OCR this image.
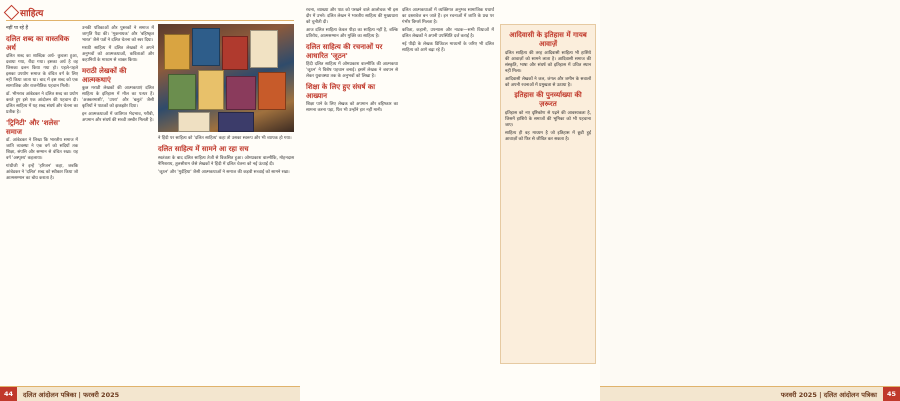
साहित्य

नहीं पा रहे हैं

दलित शब्द का वास्तविक अर्थ

दलित शब्द का शाब्दिक अर्थ- कुचला हुआ, दबाया गया, रौंदा गया। इसका अर्थ है वह जिसका दलन किया गया हो। पहले-पहले इसका उपयोग समाज के वंचित वर्ग के लिए नहीं किया जाता था। बाद में इस शब्द को एक सामाजिक और राजनीतिक पहचान मिली।

डॉ. भीमराव आंबेडकर ने दलित शब्द का प्रयोग करते हुए इसे एक आंदोलन की पहचान दी। दलित साहित्य में यह शब्द संघर्ष और चेतना का प्रतीक है।

'ट्रिनिटी' और 'शलेस' समाज

डॉ. आंबेडकर ने लिखा कि भारतीय समाज में जाति व्यवस्था ने एक वर्ग को सदियों तक शिक्षा, संपत्ति और सम्मान से वंचित रखा। यह वर्ग 'अस्पृश्य' कहलाया।

गांधीजी ने इन्हें 'हरिजन' कहा, जबकि आंबेडकर ने 'दलित' शब्द को स्वीकार किया जो आत्मसम्मान का बोध कराता है।

उनकी पत्रिकाओं और पुस्तकों ने समाज में जागृति पैदा की। 'मूकनायक' और 'बहिष्कृत भारत' जैसे पत्रों ने दलित चेतना को स्वर दिया।

मराठी साहित्य में दलित लेखकों ने अपने अनुभवों को आत्मकथाओं, कविताओं और कहानियों के माध्यम से व्यक्त किया।

मराठी लेखकों की आत्मकथाएं

कुछ मराठी लेखकों की आत्मकथाएं दलित साहित्य के इतिहास में मील का पत्थर हैं। 'अक्करमाशी', 'उपरा' और 'बलुतं' जैसी कृतियों ने पाठकों को झकझोर दिया।

इन आत्मकथाओं में जातिगत भेदभाव, गरीबी, अपमान और संघर्ष की सच्ची तस्वीर मिलती है।

ने हिंदी पर साहित्य को 'दलित साहित्य' कहा तो उसका स्वरूप और भी व्यापक हो गया।

दलित साहित्य में सामने आ रहा सच

स्वतंत्रता के बाद दलित साहित्य तेजी से विकसित हुआ। ओमप्रकाश वाल्मीकि, मोहनदास नैमिशराय, तुलसीराम जैसे लेखकों ने हिंदी में दलित चेतना को नई ऊंचाई दी।

'जूठन' और 'मुर्दहिया' जैसी आत्मकथाओं ने समाज की कड़वी सच्चाई को सामने रखा।

44	दलित आंदोलन पत्रिका | फरवरी 2025

रचना, व्याख्या और पाठ को परखने वाले आलोचक भी इस दौर में उभरे। दलित लेखन ने भारतीय साहित्य की मुख्यधारा को चुनौती दी।

आज दलित साहित्य केवल पीड़ा का साहित्य नहीं है, बल्कि प्रतिरोध, आत्मसम्मान और मुक्ति का साहित्य है।

दलित साहित्य की रचनाओं पर आधारित 'जूठन'

हिंदी दलित साहित्य में ओमप्रकाश वाल्मीकि की आत्मकथा 'जूठन' ने विशेष पहचान बनाई। इसमें लेखक ने बचपन से लेकर युवावस्था तक के अनुभवों को लिखा है।

शिक्षा के लिए हुए संघर्ष का आख्यान

शिक्षा पाने के लिए लेखक को अपमान और बहिष्कार का सामना करना पड़ा, फिर भी उन्होंने हार नहीं मानी।

दलित आत्मकथाओं में व्यक्तिगत अनुभव सामाजिक यथार्थ का दस्तावेज बन जाते हैं। इन रचनाओं में जाति के प्रश्न पर गंभीर विमर्श मिलता है।

कविता, कहानी, उपन्यास और नाटक—सभी विधाओं में दलित लेखकों ने अपनी उपस्थिति दर्ज कराई है।

नई पीढ़ी के लेखक डिजिटल माध्यमों के जरिए भी दलित साहित्य को आगे बढ़ा रहे हैं।

आदिवासी के इतिहास में गायब आवाज़ें

दलित साहित्य की तरह आदिवासी साहित्य भी हाशिये की आवाज़ों को सामने लाता है। आदिवासी समाज की संस्कृति, भाषा और संघर्ष को इतिहास में उचित स्थान नहीं मिला।

आदिवासी लेखकों ने जल, जंगल और जमीन के सवालों को अपनी रचनाओं में प्रमुखता से उठाया है।

इतिहास की पुनर्व्याख्या की ज़रूरत

इतिहास को नए दृष्टिकोण से पढ़ने की आवश्यकता है, जिसमें हाशिये के समाजों की भूमिका को भी पहचाना जाए।

साहित्य ही वह माध्यम है जो इतिहास में छूटी हुई आवाज़ों को फिर से जीवित कर सकता है।

फरवरी 2025 | दलित आंदोलन पत्रिका	45
